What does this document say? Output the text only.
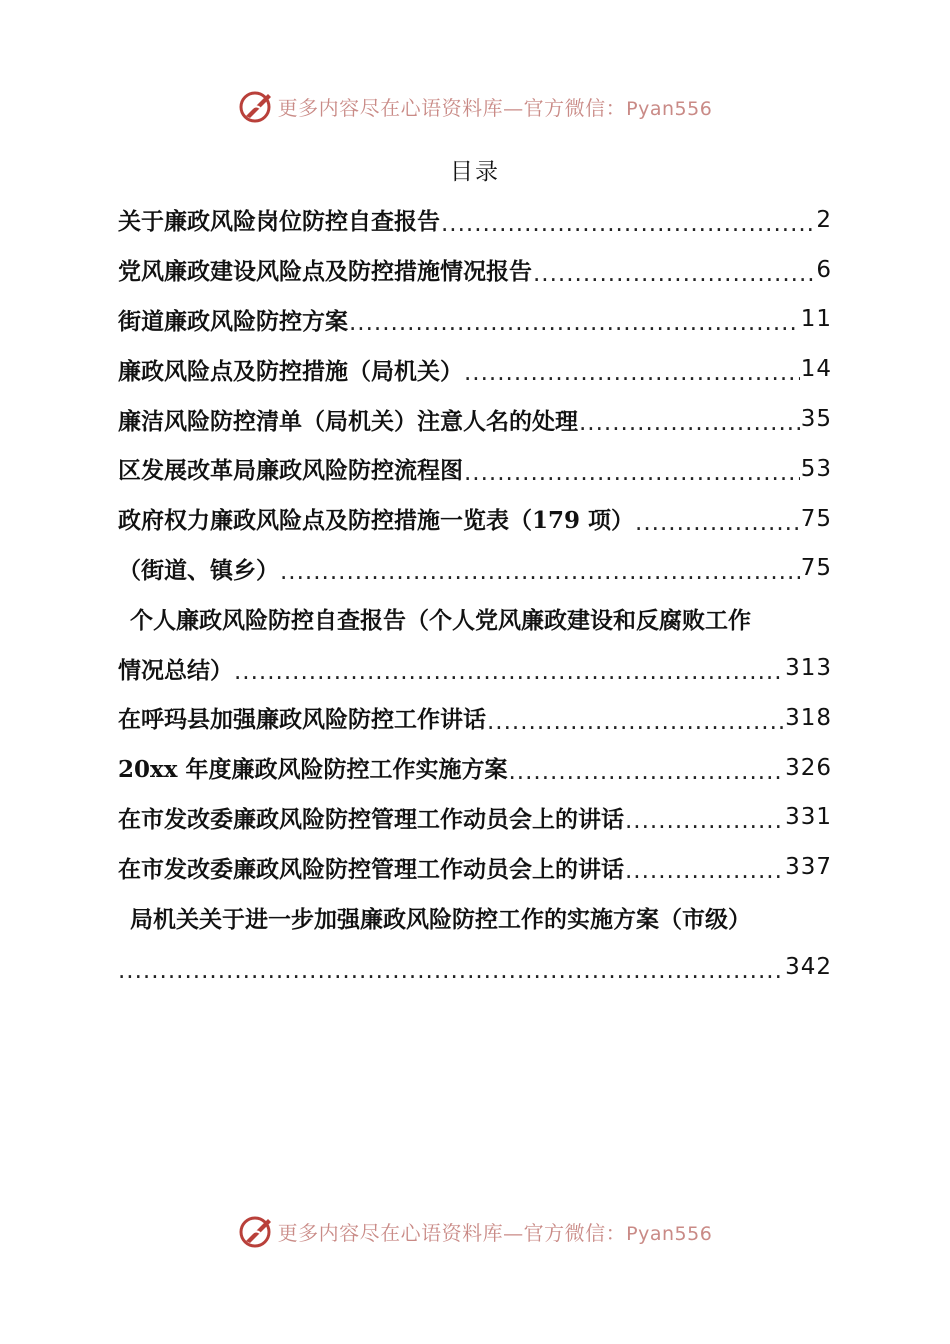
更多内容尽在心语资料库—官方微信：Pyan556
目录
关于廉政风险岗位防控自查报告 .....	2
党风廉政建设风险点及防控措施情况报告 .....	6
街道廉政风险防控方案 .....	11
廉政风险点及防控措施（局机关） .....	14
廉洁风险防控清单（局机关）注意人名的处理 .....	35
区发展改革局廉政风险防控流程图 .....	53
政府权力廉政风险点及防控措施一览表（179 项） .....	75
（街道、镇乡） .....	75
个人廉政风险防控自查报告（个人党风廉政建设和反腐败工作
情况总结） .....	313
在呼玛县加强廉政风险防控工作讲话 .....	318
20xx 年度廉政风险防控工作实施方案 .....	326
在市发改委廉政风险防控管理工作动员会上的讲话 .....	331
在市发改委廉政风险防控管理工作动员会上的讲话 .....	337
局机关关于进一步加强廉政风险防控工作的实施方案（市级）
.....
342
更多内容尽在心语资料库—官方微信：Pyan556
